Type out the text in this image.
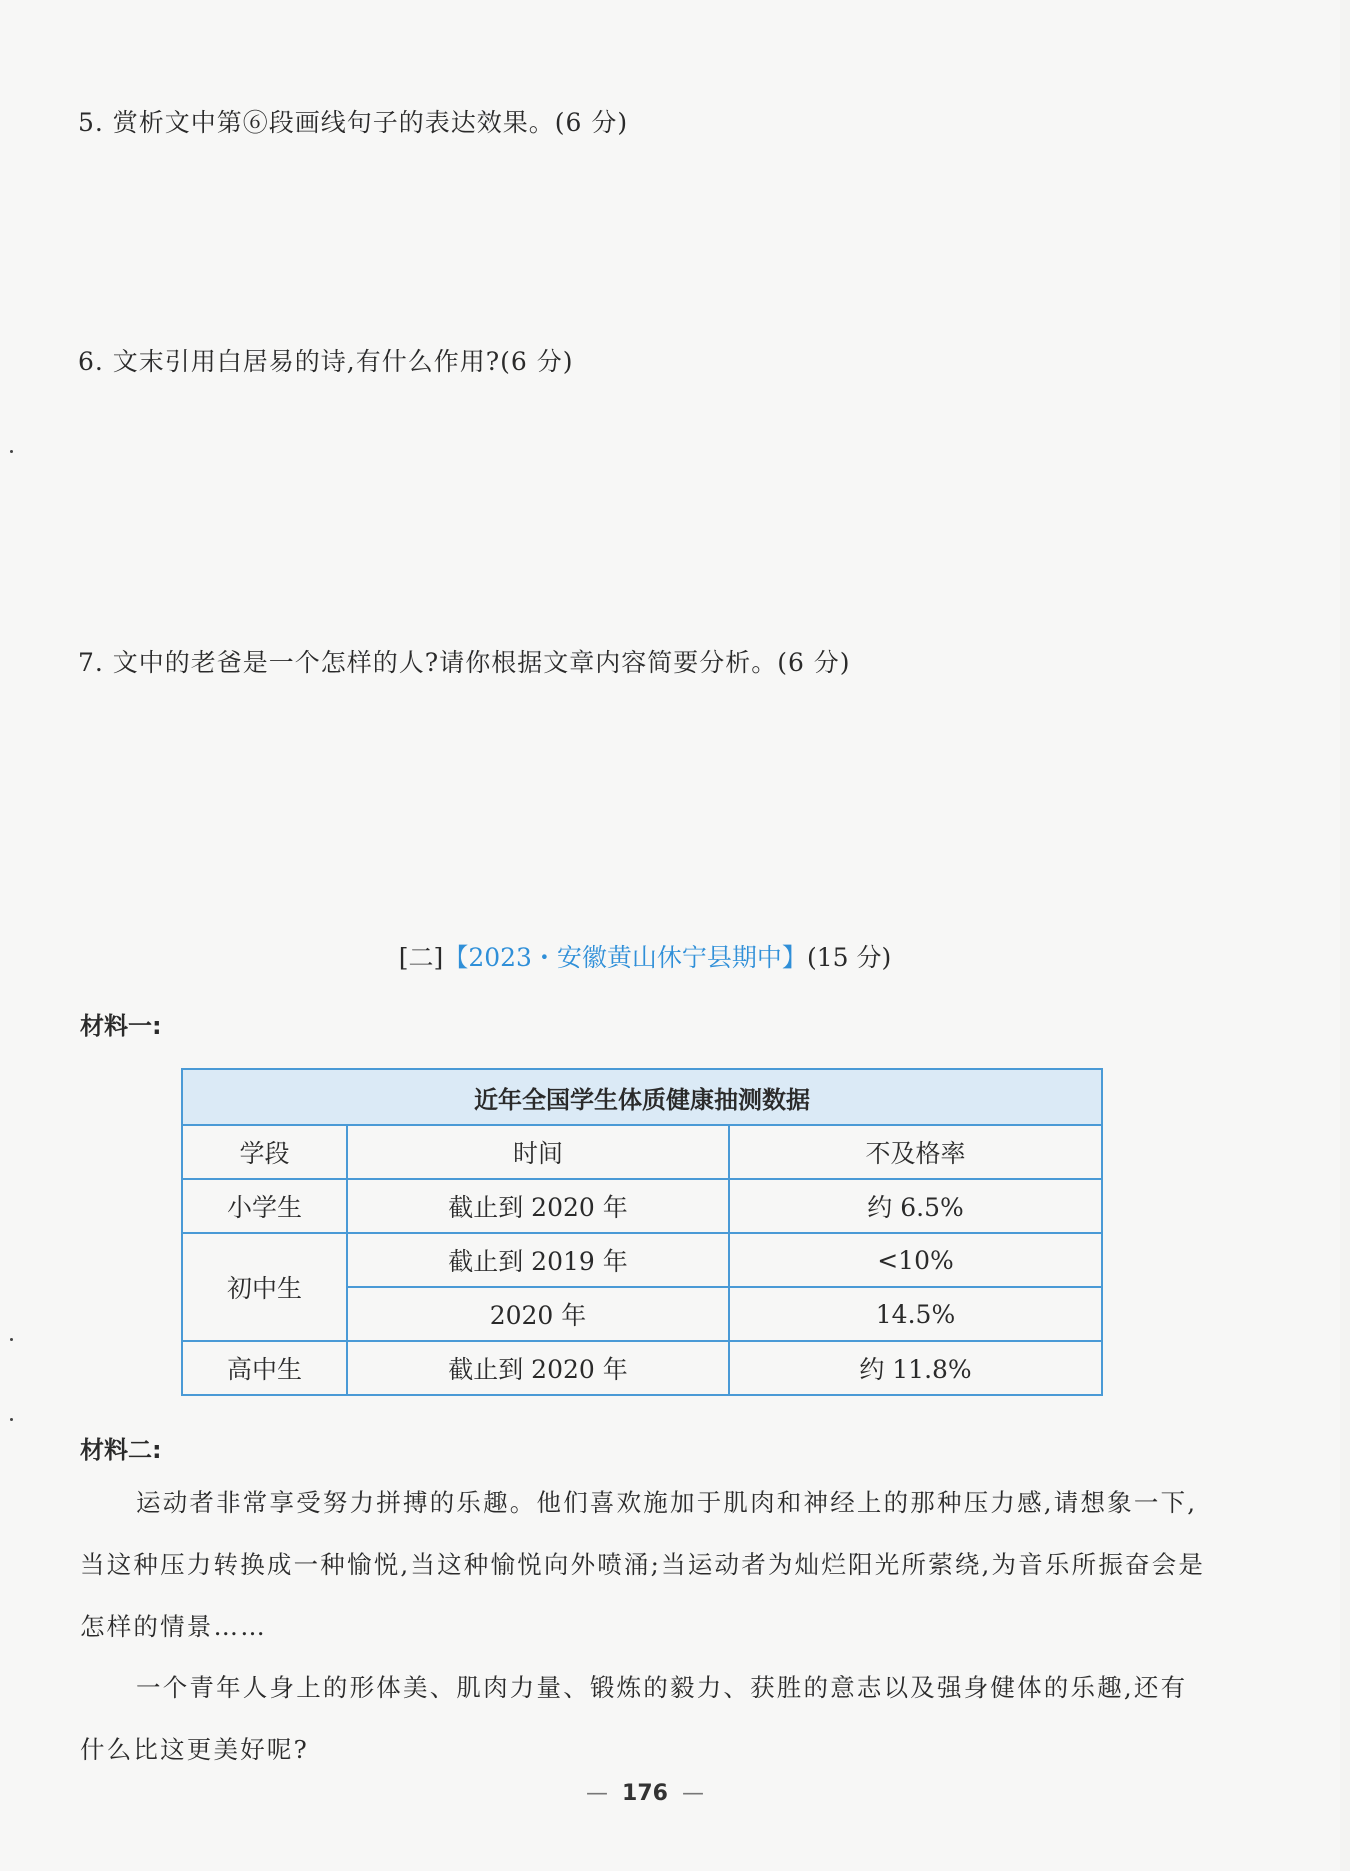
5. 赏析文中第⑥段画线句子的表达效果。(6 分)
6. 文末引用白居易的诗,有什么作用?(6 分)
7. 文中的老爸是一个怎样的人?请你根据文章内容简要分析。(6 分)
[二]【2023・安徽黄山休宁县期中】(15 分)
材料一:
近年全国学生体质健康抽测数据		
学段	时间	不及格率
小学生	截止到 2020 年	约 6.5%
初中生	截止到 2019 年	<10%
	2020 年	14.5%
高中生	截止到 2020 年	约 11.8%
材料二:
运动者非常享受努力拼搏的乐趣。他们喜欢施加于肌肉和神经上的那种压力感,请想象一下,当这种压力转换成一种愉悦,当这种愉悦向外喷涌;当运动者为灿烂阳光所萦绕,为音乐所振奋会是怎样的情景……
一个青年人身上的形体美、肌肉力量、锻炼的毅力、获胜的意志以及强身健体的乐趣,还有什么比这更美好呢?
— 176 —
